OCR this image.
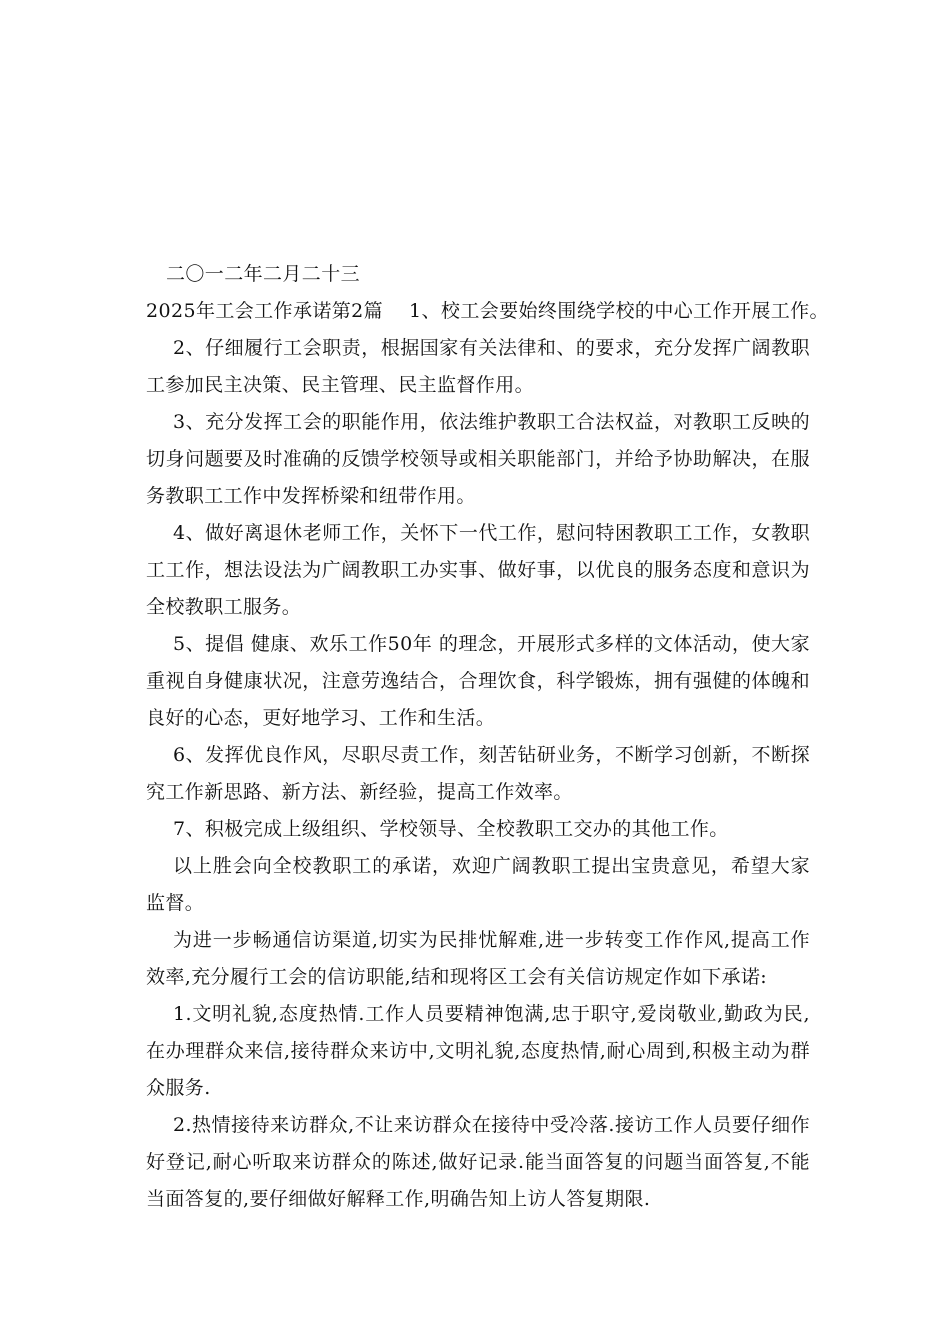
二〇一二年二月二十三
2025年工会工作承诺第2篇 1、校工会要始终围绕学校的中心工作开展工作。

2、仔细履行工会职责，根据国家有关法律和、的要求，充分发挥广阔教职工参加民主决策、民主管理、民主监督作用。

3、充分发挥工会的职能作用，依法维护教职工合法权益，对教职工反映的切身问题要及时准确的反馈学校领导或相关职能部门，并给予协助解决，在服务教职工工作中发挥桥梁和纽带作用。

4、做好离退休老师工作，关怀下一代工作，慰问特困教职工工作，女教职工工作，想法设法为广阔教职工办实事、做好事，以优良的服务态度和意识为全校教职工服务。

5、提倡 健康、欢乐工作50年 的理念，开展形式多样的文体活动，使大家重视自身健康状况，注意劳逸结合，合理饮食，科学锻炼，拥有强健的体魄和良好的心态，更好地学习、工作和生活。

6、发挥优良作风，尽职尽责工作，刻苦钻研业务，不断学习创新，不断探究工作新思路、新方法、新经验，提高工作效率。

7、积极完成上级组织、学校领导、全校教职工交办的其他工作。

以上胜会向全校教职工的承诺，欢迎广阔教职工提出宝贵意见，希望大家监督。

为进一步畅通信访渠道,切实为民排忧解难,进一步转变工作作风,提高工作效率,充分履行工会的信访职能,结和现将区工会有关信访规定作如下承诺:

1.文明礼貌,态度热情.工作人员要精神饱满,忠于职守,爱岗敬业,勤政为民,在办理群众来信,接待群众来访中,文明礼貌,态度热情,耐心周到,积极主动为群众服务.

2.热情接待来访群众,不让来访群众在接待中受冷落.接访工作人员要仔细作好登记,耐心听取来访群众的陈述,做好记录.能当面答复的问题当面答复,不能当面答复的,要仔细做好解释工作,明确告知上访人答复期限.
